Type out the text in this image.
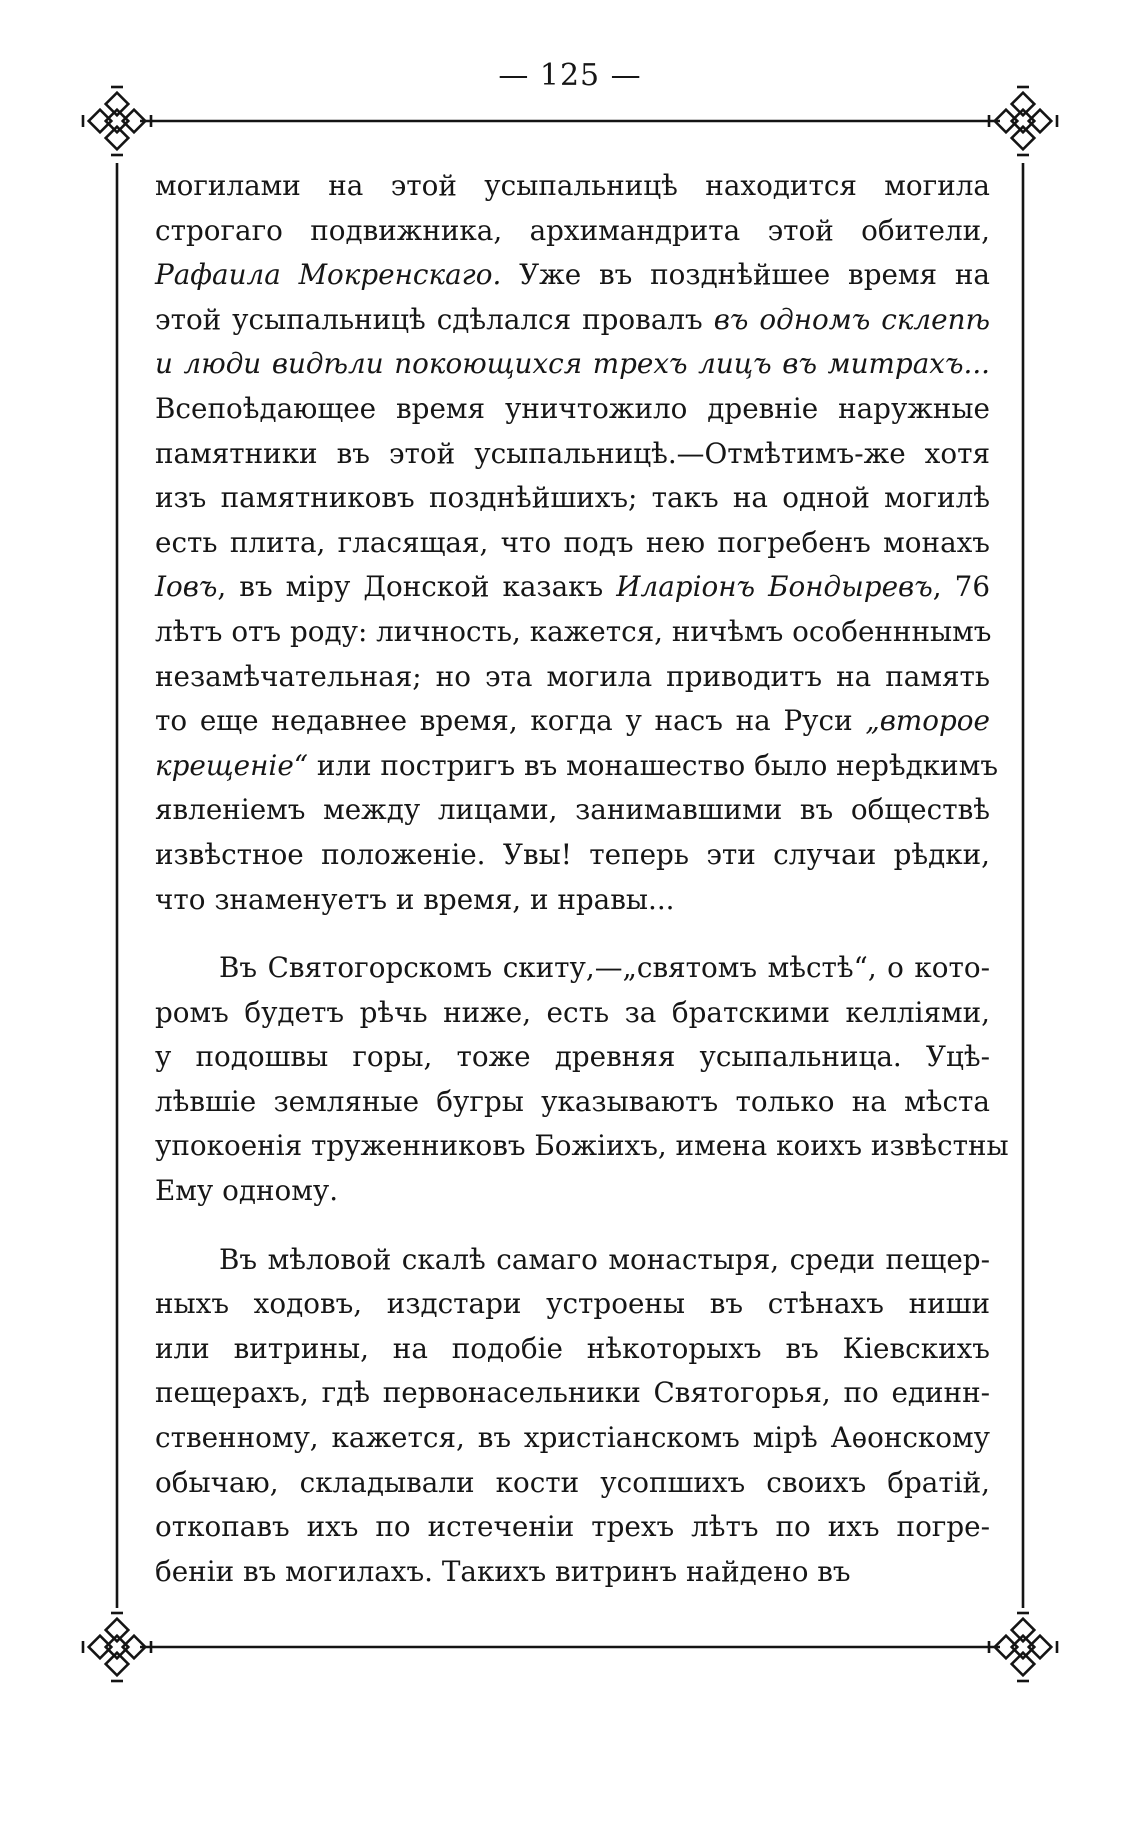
— 125 —
могилами на этой усыпальницѣ находится могила
строгаго подвижника, архимандрита этой обители,
Рафаила Мокренскаго. Уже въ позднѣйшее время на
этой усыпальницѣ сдѣлался провалъ въ одномъ склепѣ
и люди видѣли покоющихся трехъ лицъ въ митрахъ...
Всепоѣдающее время уничтожило древніе наружные
памятники въ этой усыпальницѣ.—Отмѣтимъ-же хотя
изъ памятниковъ позднѣйшихъ; такъ на одной могилѣ
есть плита, гласящая, что подъ нею погребенъ монахъ
Іовъ, въ міру Донской казакъ Иларіонъ Бондыревъ, 76
лѣтъ отъ роду: личность, кажется, ничѣмъ особенннымъ
незамѣчательная; но эта могила приводитъ на память
то еще недавнее время, когда у насъ на Руси „второе
крещеніе“ или постригъ въ монашество было нерѣдкимъ
явленіемъ между лицами, занимавшими въ обществѣ
извѣстное положеніе. Увы! теперь эти случаи рѣдки,
что знаменуетъ и время, и нравы...
Въ Святогорскомъ скиту,—„святомъ мѣстѣ“, о кото-
ромъ будетъ рѣчь ниже, есть за братскими келліями,
у подошвы горы, тоже древняя усыпальница. Уцѣ-
лѣвшіе земляные бугры указываютъ только на мѣста
упокоенія труженниковъ Божіихъ, имена коихъ извѣстны
Ему одному.
Въ мѣловой скалѣ самаго монастыря, среди пещер-
ныхъ ходовъ, издстари устроены въ стѣнахъ ниши
или витрины, на подобіе нѣкоторыхъ въ Кіевскихъ
пещерахъ, гдѣ первонасельники Святогорья, по единн-
ственному, кажется, въ христіанскомъ мірѣ Аѳонскому
обычаю, складывали кости усопшихъ своихъ братій,
откопавъ ихъ по истеченіи трехъ лѣтъ по ихъ погре-
беніи въ могилахъ. Такихъ витринъ найдено въ
